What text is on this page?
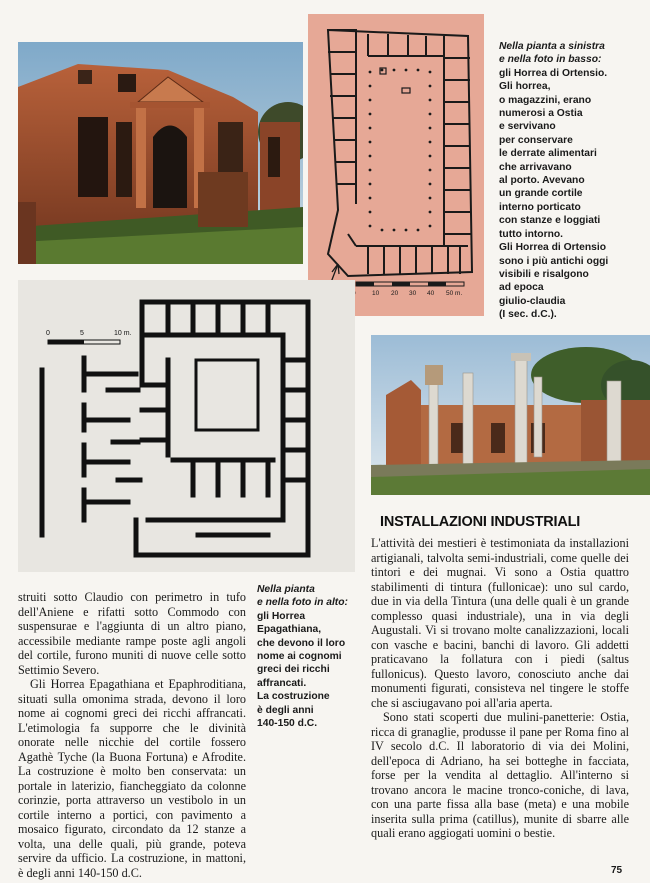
10 20 30 40 50 m.
Nella pianta a sinistra
e nella foto in basso:
gli Horrea di Ortensio.
Gli horrea,
o magazzini, erano
numerosi a Ostia
e servivano
per conservare
le derrate alimentari
che arrivavano
al porto. Avevano
un grande cortile
interno porticato
con stanze e loggiati
tutto intorno.
Gli Horrea di Ortensio
sono i più antichi oggi
visibili e risalgono
ad epoca
giulio-claudia
(I sec. d.C.).
0	5	10 m.
Nella pianta
e nella foto in alto:
gli Horrea
Epagathiana,
che devono il loro
nome ai cognomi
greci dei ricchi
affrancati.
La costruzione
è degli anni
140-150 d.C.

struiti sotto Claudio con perimetro in tufo dell'Aniene e rifatti sotto Commodo con suspensurae e l'aggiunta di un altro piano, accessibile mediante rampe poste agli angoli del cortile, furono muniti di nuove celle sotto Settimio Severo.

Gli Horrea Epagathiana et Epaphroditiana, situati sulla omonima strada, devono il loro nome ai cognomi greci dei ricchi affrancati. L'etimologia fa supporre che le divinità onorate nelle nicchie del cortile fossero Agathè Tyche (la Buona Fortuna) e Afrodite. La costruzione è molto ben conservata: un portale in laterizio, fiancheggiato da colonne corinzie, porta attraverso un vestibolo in un cortile interno a portici, con pavimento a mosaico figurato, circondato da 12 stanze a volta, una delle quali, più grande, poteva servire da ufficio. La costruzione, in mattoni, è degli anni 140-150 d.C.

INSTALLAZIONI INDUSTRIALI

L'attività dei mestieri è testimoniata da installazioni artigianali, talvolta semi-industriali, come quelle dei tintori e dei mugnai. Vi sono a Ostia quattro stabilimenti di tintura (fullonicae): uno sul cardo, due in via della Tintura (una delle quali è un grande complesso quasi industriale), una in via degli Augustali. Vi si trovano molte canalizzazioni, locali con vasche e bacini, banchi di lavoro. Gli addetti praticavano la follatura con i piedi (saltus fullonicus). Questo lavoro, conosciuto anche dai monumenti figurati, consisteva nel tingere le stoffe che si asciugavano poi all'aria aperta.

Sono stati scoperti due mulini-panetterie: Ostia, ricca di granaglie, produsse il pane per Roma fino al IV secolo d.C. Il laboratorio di via dei Molini, dell'epoca di Adriano, ha sei botteghe in facciata, forse per la vendita al dettaglio. All'interno si trovano ancora le macine tronco-coniche, di lava, con una parte fissa alla base (meta) e una mobile inserita sulla prima (catillus), munite di sbarre alle quali erano aggiogati uomini o bestie.

75
